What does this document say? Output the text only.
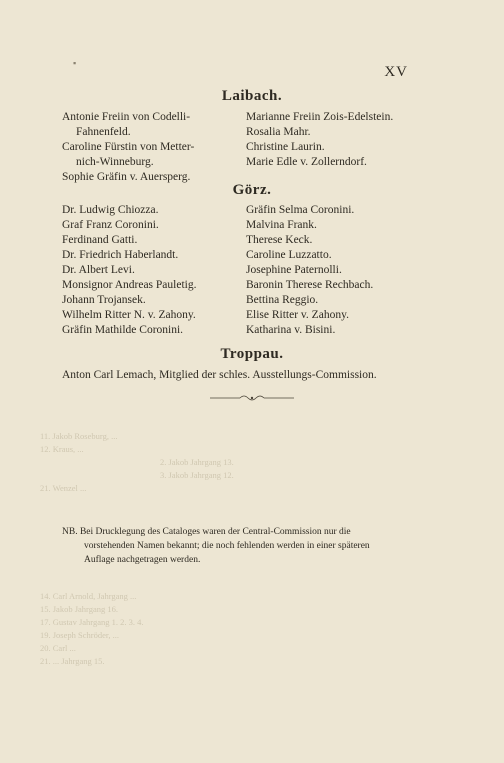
▪
XV
Laibach.
Antonie Freiin von Codelli-
Fahnenfeld.
Caroline Fürstin von Metter-
nich-Winneburg.
Sophie Gräfin v. Auersperg.
Marianne Freiin Zois-Edelstein.
Rosalia Mahr.
Christine Laurin.
Marie Edle v. Zollerndorf.
Görz.
Dr. Ludwig Chiozza.
Graf Franz Coronini.
Ferdinand Gatti.
Dr. Friedrich Haberlandt.
Dr. Albert Levi.
Monsignor Andreas Pauletig.
Johann Trojansek.
Wilhelm Ritter N. v. Zahony.
Gräfin Mathilde Coronini.
Gräfin Selma Coronini.
Malvina Frank.
Therese Keck.
Caroline Luzzatto.
Josephine Paternolli.
Baronin Therese Rechbach.
Bettina Reggio.
Elise Ritter v. Zahony.
Katharina v. Bisini.
Troppau.
Anton Carl Lemach, Mitglied der schles. Ausstellungs-Commission.
11. Jakob Roseburg, ...
12. Kraus, ...
2. Jakob Jahrgang 13.
3. Jakob Jahrgang 12.
21. Wenzel ...
14. Carl Arnold, Jahrgang ...
15. Jakob Jahrgang 16.
17. Gustav Jahrgang 1. 2. 3. 4.
19. Joseph Schröder, ...
20. Carl ...
21. ... Jahrgang 15.
NB. Bei Drucklegung des Cataloges waren der Central-Commission nur die
vorstehenden Namen bekannt; die noch fehlenden werden in einer späteren
Auflage nachgetragen werden.
